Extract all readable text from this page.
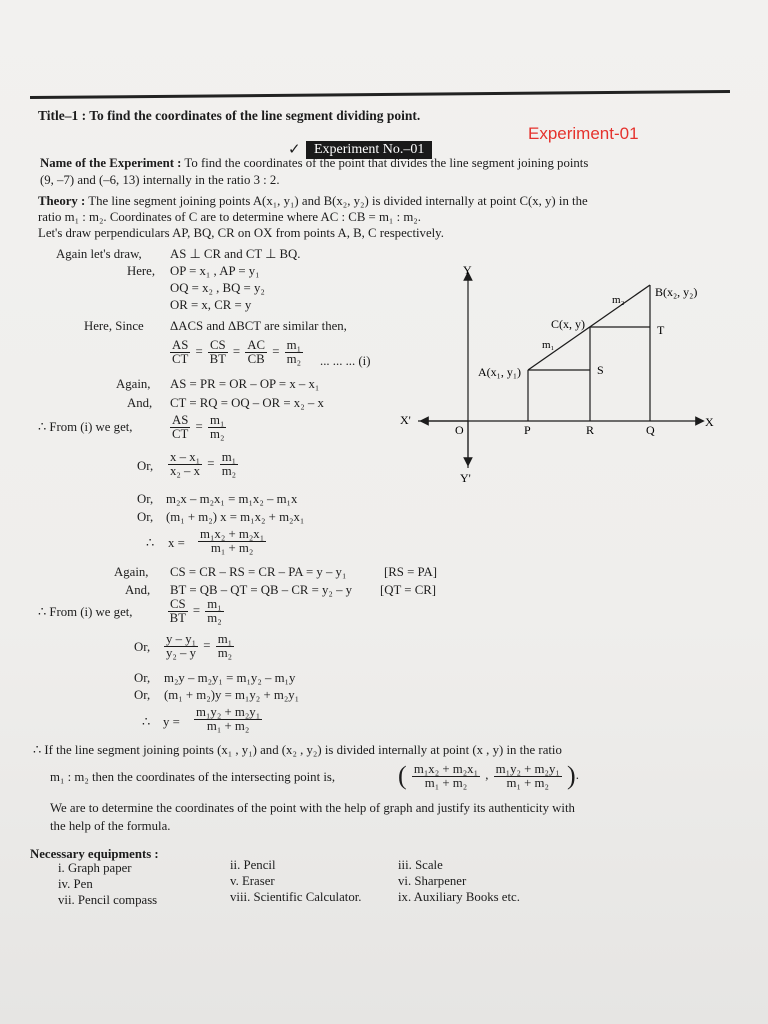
Title–1 : To find the coordinates of the line segment dividing point.
Experiment-01
✓ Experiment No.–01
Name of the Experiment : To find the coordinates of the point that divides the line segment joining points
(9, –7) and (–6, 13) internally in the ratio 3 : 2.
Theory : The line segment joining points A(x₁, y₁) and B(x₂, y₂) is divided internally at point C(x, y) in the
ratio m₁ : m₂. Coordinates of C are to determine where AC : CB = m₁ : m₂.
Let's draw perpendiculars AP, BQ, CR on OX from points A, B, C respectively.
Again let's draw, AS ⊥ CR and CT ⊥ BQ.
Here, OP = x₁ , AP = y₁
OQ = x₂ , BQ = y₂
OR = x, CR = y
Here, Since ΔACS and ΔBCT are similar then,
$\frac{AS}{CT} = \frac{CS}{BT} = \frac{AC}{CB} = \frac{\text{m₁}}{\text{m₂}}$ ... ... ... (i)
Again, AS = PR = OR – OP = x – x₁
And, CT = RQ = OQ – OR = x₂ – x
∴ From (i) we get,	$\frac{AS}{CT} = \frac{\text{m₁}}{\text{m₂}}$
Or, $\frac{\text{x – x₁}}{\text{x₂ – x}} = \frac{\text{m₁}}{\text{m₂}}$
Or, m₂x – m₂x₁ = m₁x₂ – m₁x
Or, (m₁ + m₂) x = m₁x₂ + m₂x₁
∴ $x = \frac{\text{m₁x₂ + m₂x₁}}{\text{m₁ + m₂}}$
Again, CS = CR – RS = CR – PA = y – y₁	[RS = PA]
And, BT = QB – QT = QB – CR = y₂ – y [QT = CR]
∴ From (i) we get,	$\frac{CS}{BT} = \frac{\text{m₁}}{\text{m₂}}$
Or, $\frac{\text{y – y₁}}{\text{y₂ – y}} = \frac{\text{m₁}}{\text{m₂}}$
Or, m₂y – m₂y₁ = m₁y₂ – m₁y
Or, (m₁ + m₂)y = m₁y₂ + m₂y₁
∴ $y = \frac{\text{m₁y₂ + m₂y₁}}{\text{m₁ + m₂}}$
∴ If the line segment joining points (x₁ , y₁) and (x₂ , y₂) is divided internally at point (x , y) in the ratio
m₁ : m₂ then the coordinates of the intersecting point is, ( $\frac{\text{m₁x₂ + m₂x₁}}{\text{m₁ + m₂}}$ , $\frac{\text{m₁y₂ + m₂y₁}}{\text{m₁ + m₂}}$ ).
We are to determine the coordinates of the point with the help of graph and justify its authenticity with
the help of the formula.
Necessary equipments :
i. Graph paper	ii. Pencil	iii. Scale
iv. Pen	v. Eraser	vi. Sharpener
vii. Pencil compass	viii. Scientific Calculator.	ix. Auxiliary Books etc.
Y
Y'
X
X'
O	P	R	Q
A(x₁, y₁)
B(x₂, y₂)
C(x, y)
S
T
m₁
m₂
